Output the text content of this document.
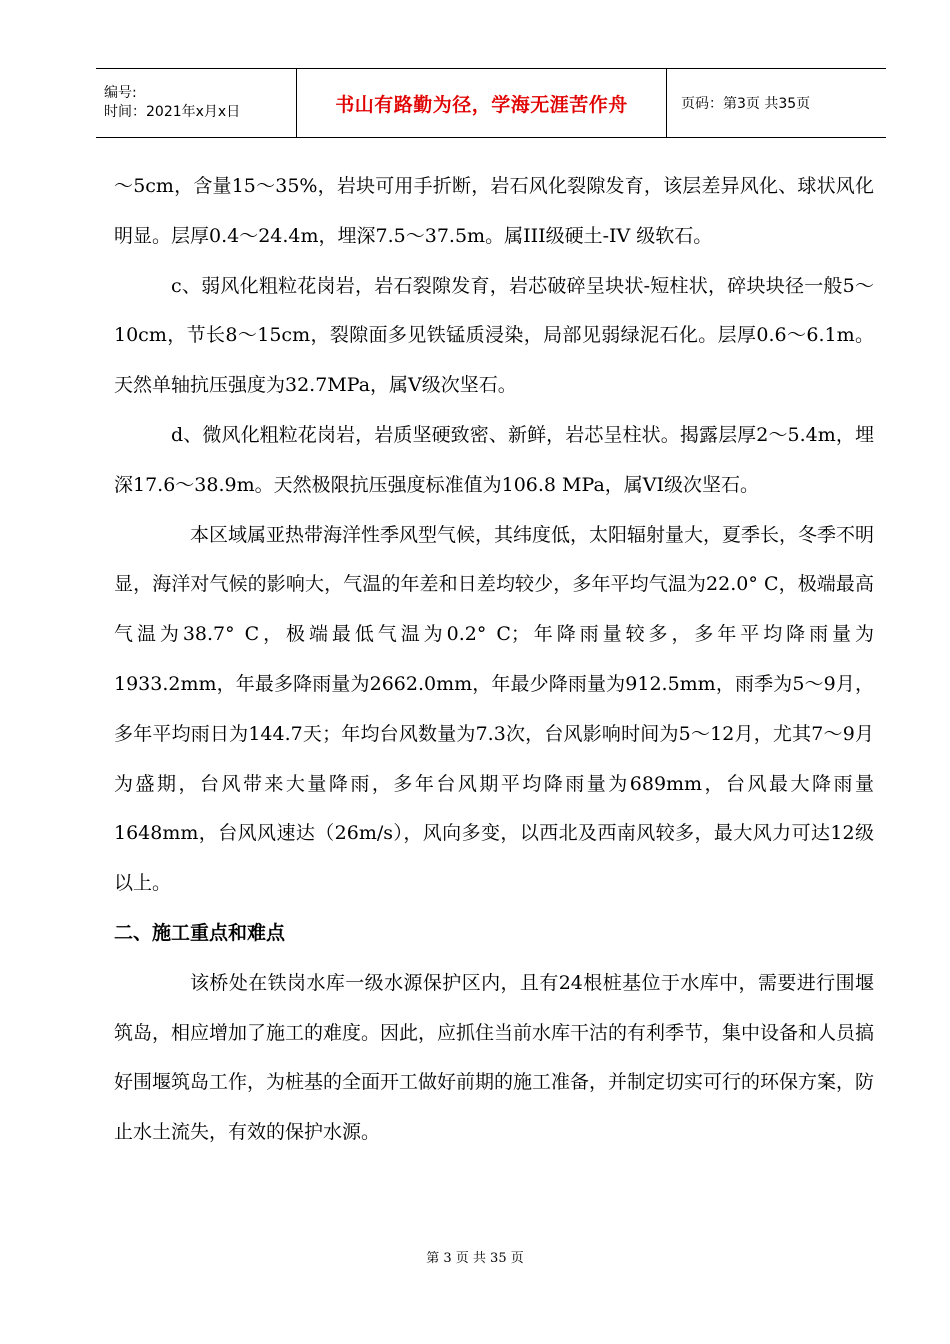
编号:
时间：2021年x月x日	书山有路勤为径，学海无涯苦作舟	页码：第3页 共35页

～5cm，含量15～35%，岩块可用手折断，岩石风化裂隙发育，该层差异风化、球状风化明显。层厚0.4～24.4m，埋深7.5～37.5m。属III级硬土-IV 级软石。

c、弱风化粗粒花岗岩，岩石裂隙发育，岩芯破碎呈块状-短柱状，碎块块径一般5～10cm，节长8～15cm，裂隙面多见铁锰质浸染，局部见弱绿泥石化。层厚0.6～6.1m。天然单轴抗压强度为32.7MPa，属V级次坚石。

d、微风化粗粒花岗岩，岩质坚硬致密、新鲜，岩芯呈柱状。揭露层厚2～5.4m，埋深17.6～38.9m。天然极限抗压强度标准值为106.8 MPa，属VI级次坚石。

本区域属亚热带海洋性季风型气候，其纬度低，太阳辐射量大，夏季长，冬季不明显，海洋对气候的影响大，气温的年差和日差均较少，多年平均气温为22.0° C，极端最高气温为38.7° C，极端最低气温为0.2° C；年降雨量较多，多年平均降雨量为1933.2mm，年最多降雨量为2662.0mm，年最少降雨量为912.5mm，雨季为5～9月，多年平均雨日为144.7天；年均台风数量为7.3次，台风影响时间为5～12月，尤其7～9月为盛期，台风带来大量降雨，多年台风期平均降雨量为689mm，台风最大降雨量1648mm，台风风速达（26m/s），风向多变，以西北及西南风较多，最大风力可达12级以上。

二、施工重点和难点

该桥处在铁岗水库一级水源保护区内，且有24根桩基位于水库中，需要进行围堰筑岛，相应增加了施工的难度。因此，应抓住当前水库干沽的有利季节，集中设备和人员搞好围堰筑岛工作，为桩基的全面开工做好前期的施工准备，并制定切实可行的环保方案，防止水土流失，有效的保护水源。

第 3 页 共 35 页
